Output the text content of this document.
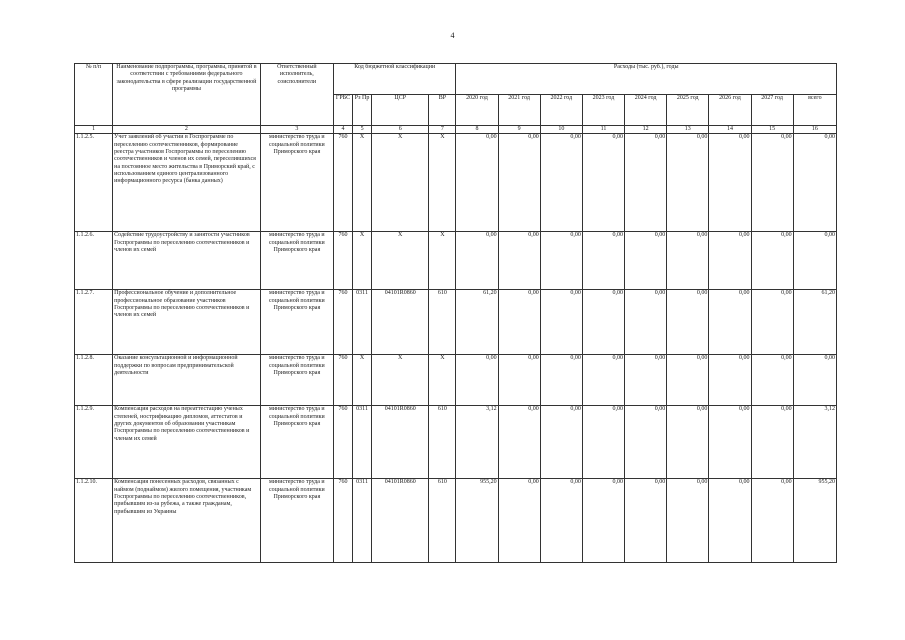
4
№ п/п	Наименование подпрограммы, программы, принятой в соответствии с требованиями федерального законодательства в сфере реализации государственной программы	Ответственный исполнитель, соисполнители	Код бюджетной классификации				Расходы (тыс. руб.), годы								
			ГРБС	Рз Пр	ЦСР	ВР	2020 год	2021 год	2022 год	2023 год	2024 год	2025 год	2026 год	2027 год	всего
1	2	3	4	5	6	7	8	9	10	11	12	13	14	15	16
1.1.2.5.	Учет заявлений об участии в Госпрограмме по переселению соотечественников, формирование реестра участников Госпрограммы по переселению соотечественников и членов их семей, переселившихся на постоянное место жительства в Приморский край, с использованием единого централизованного информационного ресурса (банка данных)	министерство труда и социальной политики Приморского края	760	X	X	X	0,00	0,00	0,00	0,00	0,00	0,00	0,00	0,00	0,00
1.1.2.6.	Содействие трудоустройству и занятости участников Госпрограммы по переселению соотечественников и членов их семей	министерство труда и социальной политики Приморского края	760	X	X	X	0,00	0,00	0,00	0,00	0,00	0,00	0,00	0,00	0,00
1.1.2.7.	Профессиональное обучение и дополнительное профессиональное образование участников Госпрограммы по переселению соотечественников и членов их семей	министерство труда и социальной политики Приморского края	760	0311	04101R0860	610	61,20	0,00	0,00	0,00	0,00	0,00	0,00	0,00	61,20
1.1.2.8.	Оказание консультационной и информационной поддержки по вопросам предпринимательской деятельности	министерство труда и социальной политики Приморского края	760	X	X	X	0,00	0,00	0,00	0,00	0,00	0,00	0,00	0,00	0,00
1.1.2.9.	Компенсация расходов на переаттестацию ученых степеней, нострификацию дипломов, аттестатов и других документов об образовании участникам Госпрограммы по переселению соотечественников и членам их семей	министерство труда и социальной политики Приморского края	760	0311	04101R0860	610	3,12	0,00	0,00	0,00	0,00	0,00	0,00	0,00	3,12
1.1.2.10.	Компенсация понесенных расходов, связанных с наймом (поднаймом) жилого помещения, участникам Госпрограммы по переселению соотечественников, прибывшим из-за рубежа, а также гражданам, прибывшим из Украины	министерство труда и социальной политики Приморского края	760	0311	04101R0860	610	955,20	0,00	0,00	0,00	0,00	0,00	0,00	0,00	955,20
